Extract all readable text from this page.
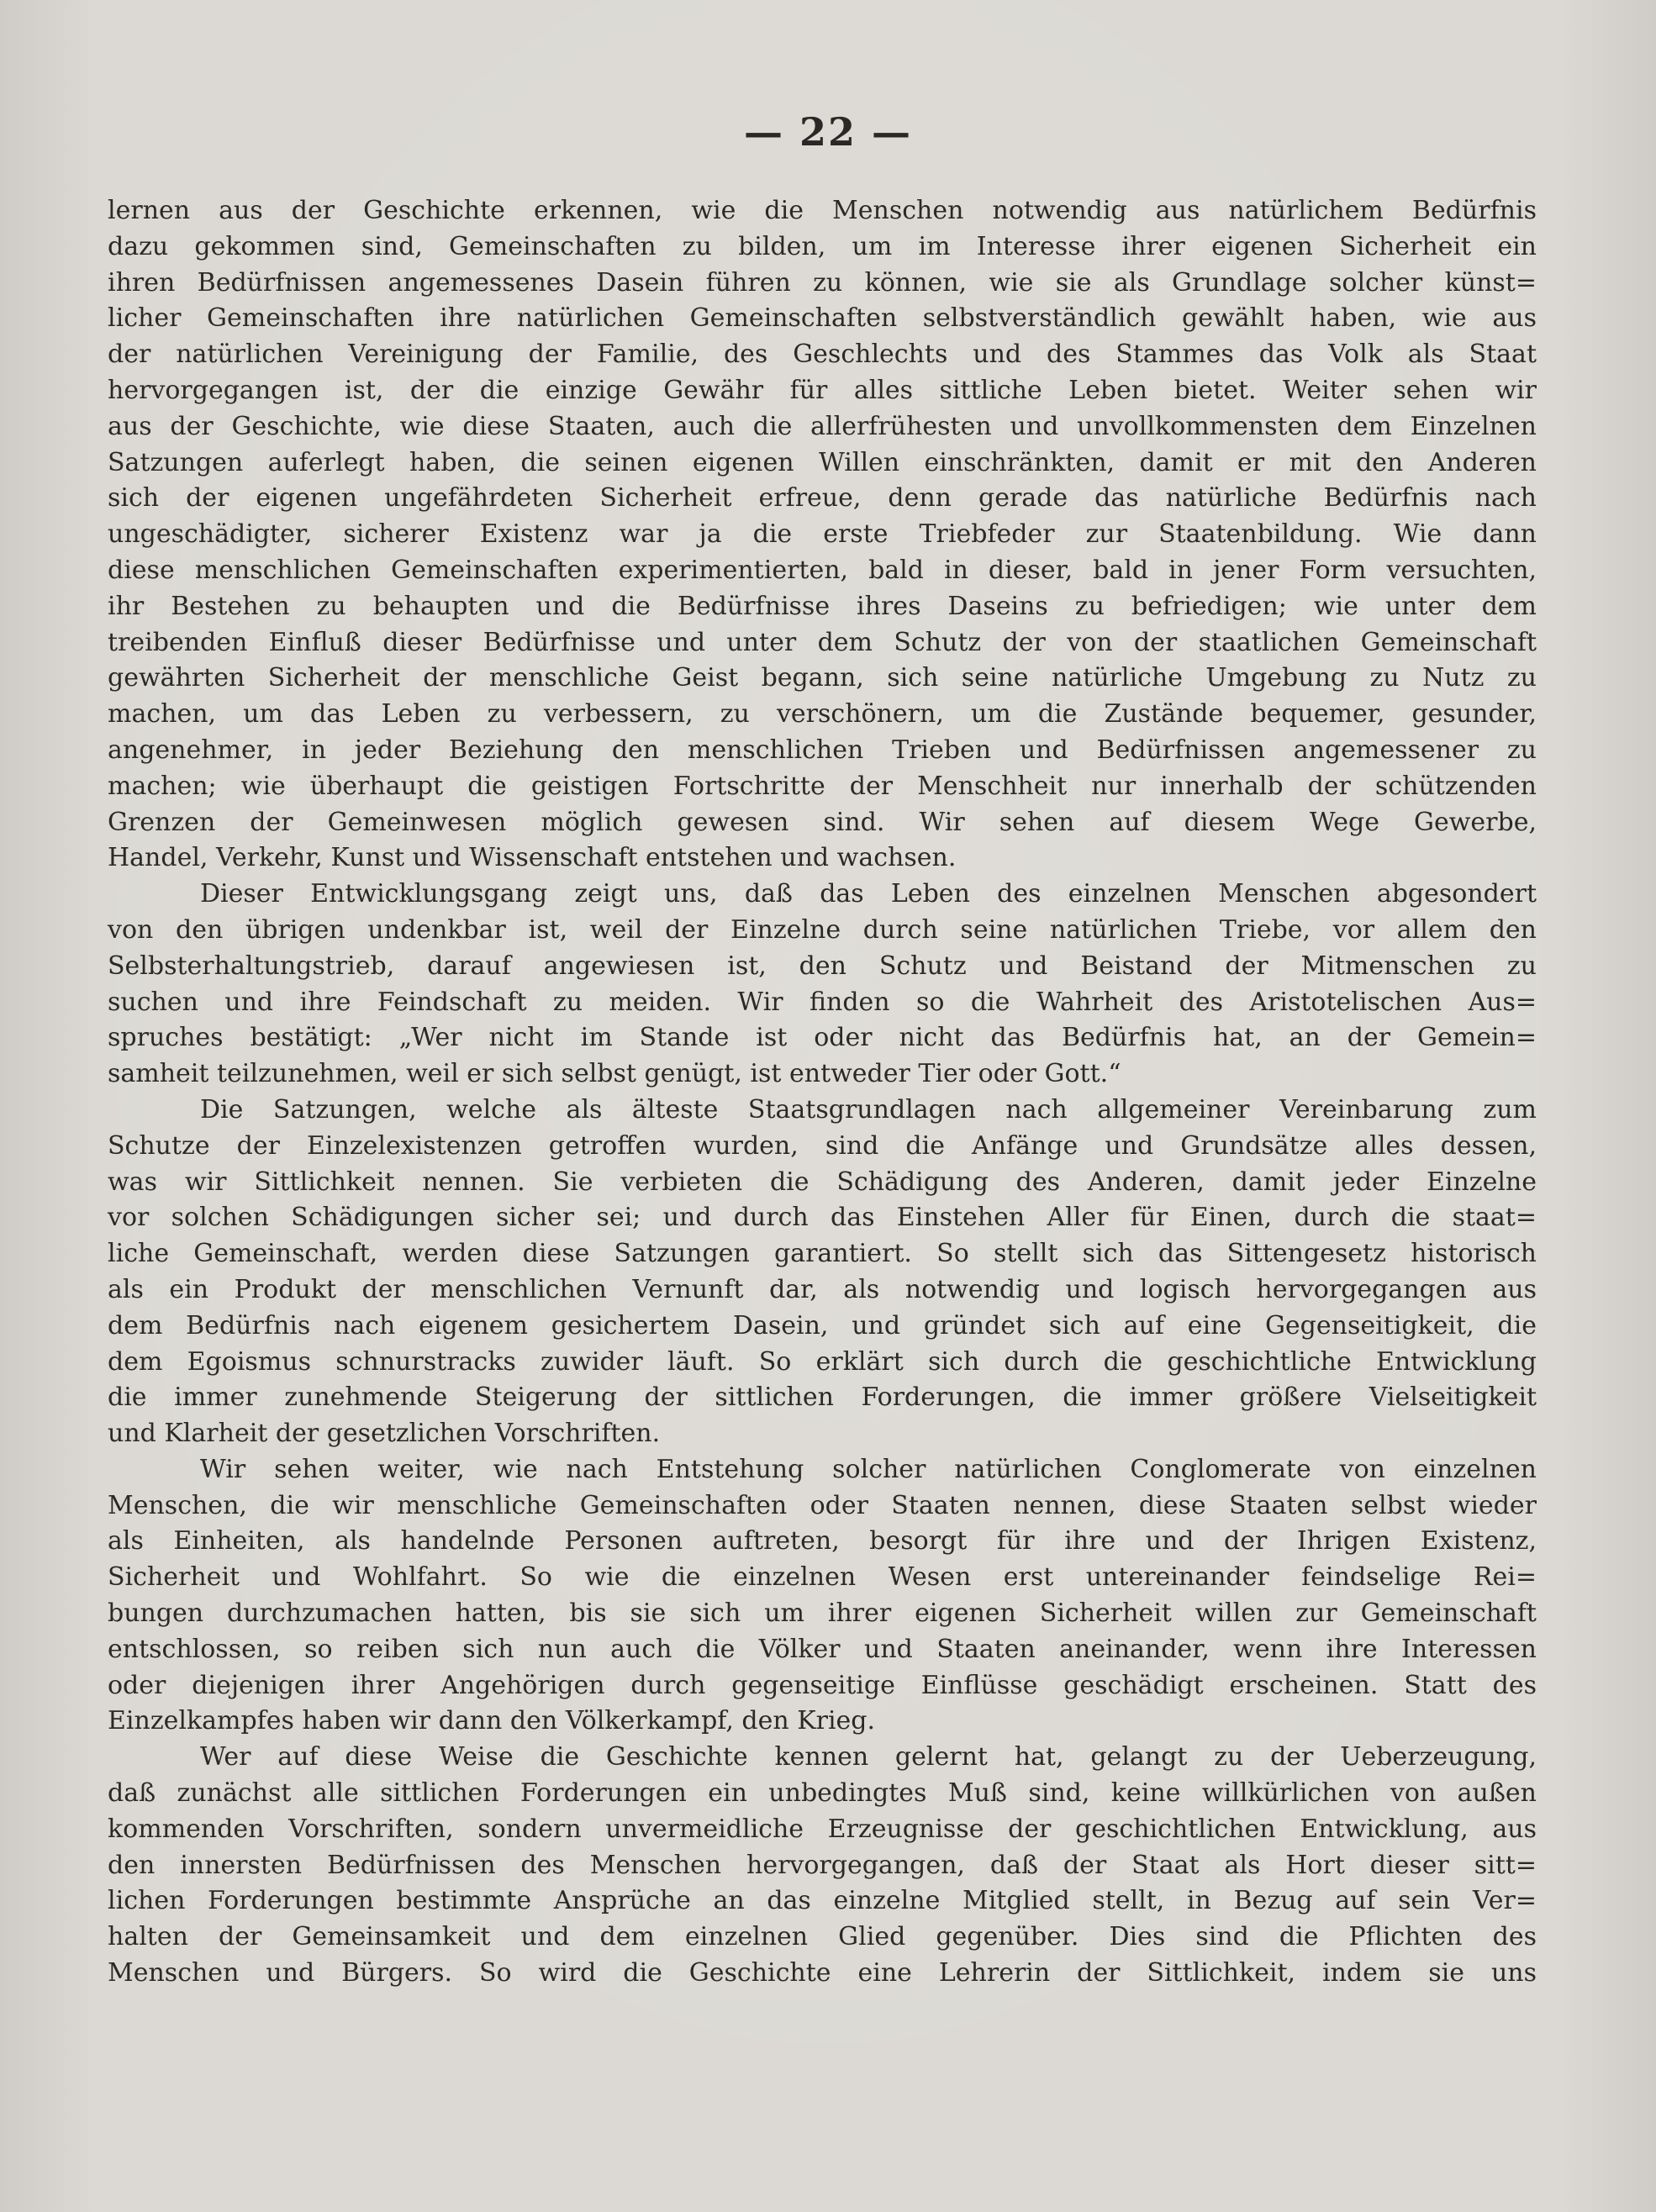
— 22 —
lernen aus der Geschichte erkennen, wie die Menschen notwendig aus natürlichem Bedürfnis
dazu gekommen sind, Gemeinschaften zu bilden, um im Interesse ihrer eigenen Sicherheit ein
ihren Bedürfnissen angemessenes Dasein führen zu können, wie sie als Grundlage solcher künst=
licher Gemeinschaften ihre natürlichen Gemeinschaften selbstverständlich gewählt haben, wie aus
der natürlichen Vereinigung der Familie, des Geschlechts und des Stammes das Volk als Staat
hervorgegangen ist, der die einzige Gewähr für alles sittliche Leben bietet. Weiter sehen wir
aus der Geschichte, wie diese Staaten, auch die allerfrühesten und unvollkommensten dem Einzelnen
Satzungen auferlegt haben, die seinen eigenen Willen einschränkten, damit er mit den Anderen
sich der eigenen ungefährdeten Sicherheit erfreue, denn gerade das natürliche Bedürfnis nach
ungeschädigter, sicherer Existenz war ja die erste Triebfeder zur Staatenbildung. Wie dann
diese menschlichen Gemeinschaften experimentierten, bald in dieser, bald in jener Form versuchten,
ihr Bestehen zu behaupten und die Bedürfnisse ihres Daseins zu befriedigen; wie unter dem
treibenden Einfluß dieser Bedürfnisse und unter dem Schutz der von der staatlichen Gemeinschaft
gewährten Sicherheit der menschliche Geist begann, sich seine natürliche Umgebung zu Nutz zu
machen, um das Leben zu verbessern, zu verschönern, um die Zustände bequemer, gesunder,
angenehmer, in jeder Beziehung den menschlichen Trieben und Bedürfnissen angemessener zu
machen; wie überhaupt die geistigen Fortschritte der Menschheit nur innerhalb der schützenden
Grenzen der Gemeinwesen möglich gewesen sind. Wir sehen auf diesem Wege Gewerbe,
Handel, Verkehr, Kunst und Wissenschaft entstehen und wachsen.
Dieser Entwicklungsgang zeigt uns, daß das Leben des einzelnen Menschen abgesondert
von den übrigen undenkbar ist, weil der Einzelne durch seine natürlichen Triebe, vor allem den
Selbsterhaltungstrieb, darauf angewiesen ist, den Schutz und Beistand der Mitmenschen zu
suchen und ihre Feindschaft zu meiden. Wir finden so die Wahrheit des Aristotelischen Aus=
spruches bestätigt: „Wer nicht im Stande ist oder nicht das Bedürfnis hat, an der Gemein=
samheit teilzunehmen, weil er sich selbst genügt, ist entweder Tier oder Gott.“
Die Satzungen, welche als älteste Staatsgrundlagen nach allgemeiner Vereinbarung zum
Schutze der Einzelexistenzen getroffen wurden, sind die Anfänge und Grundsätze alles dessen,
was wir Sittlichkeit nennen. Sie verbieten die Schädigung des Anderen, damit jeder Einzelne
vor solchen Schädigungen sicher sei; und durch das Einstehen Aller für Einen, durch die staat=
liche Gemeinschaft, werden diese Satzungen garantiert. So stellt sich das Sittengesetz historisch
als ein Produkt der menschlichen Vernunft dar, als notwendig und logisch hervorgegangen aus
dem Bedürfnis nach eigenem gesichertem Dasein, und gründet sich auf eine Gegenseitigkeit, die
dem Egoismus schnurstracks zuwider läuft. So erklärt sich durch die geschichtliche Entwicklung
die immer zunehmende Steigerung der sittlichen Forderungen, die immer größere Vielseitigkeit
und Klarheit der gesetzlichen Vorschriften.
Wir sehen weiter, wie nach Entstehung solcher natürlichen Conglomerate von einzelnen
Menschen, die wir menschliche Gemeinschaften oder Staaten nennen, diese Staaten selbst wieder
als Einheiten, als handelnde Personen auftreten, besorgt für ihre und der Ihrigen Existenz,
Sicherheit und Wohlfahrt. So wie die einzelnen Wesen erst untereinander feindselige Rei=
bungen durchzumachen hatten, bis sie sich um ihrer eigenen Sicherheit willen zur Gemeinschaft
entschlossen, so reiben sich nun auch die Völker und Staaten aneinander, wenn ihre Interessen
oder diejenigen ihrer Angehörigen durch gegenseitige Einflüsse geschädigt erscheinen. Statt des
Einzelkampfes haben wir dann den Völkerkampf, den Krieg.
Wer auf diese Weise die Geschichte kennen gelernt hat, gelangt zu der Ueberzeugung,
daß zunächst alle sittlichen Forderungen ein unbedingtes Muß sind, keine willkürlichen von außen
kommenden Vorschriften, sondern unvermeidliche Erzeugnisse der geschichtlichen Entwicklung, aus
den innersten Bedürfnissen des Menschen hervorgegangen, daß der Staat als Hort dieser sitt=
lichen Forderungen bestimmte Ansprüche an das einzelne Mitglied stellt, in Bezug auf sein Ver=
halten der Gemeinsamkeit und dem einzelnen Glied gegenüber. Dies sind die Pflichten des
Menschen und Bürgers. So wird die Geschichte eine Lehrerin der Sittlichkeit, indem sie uns
